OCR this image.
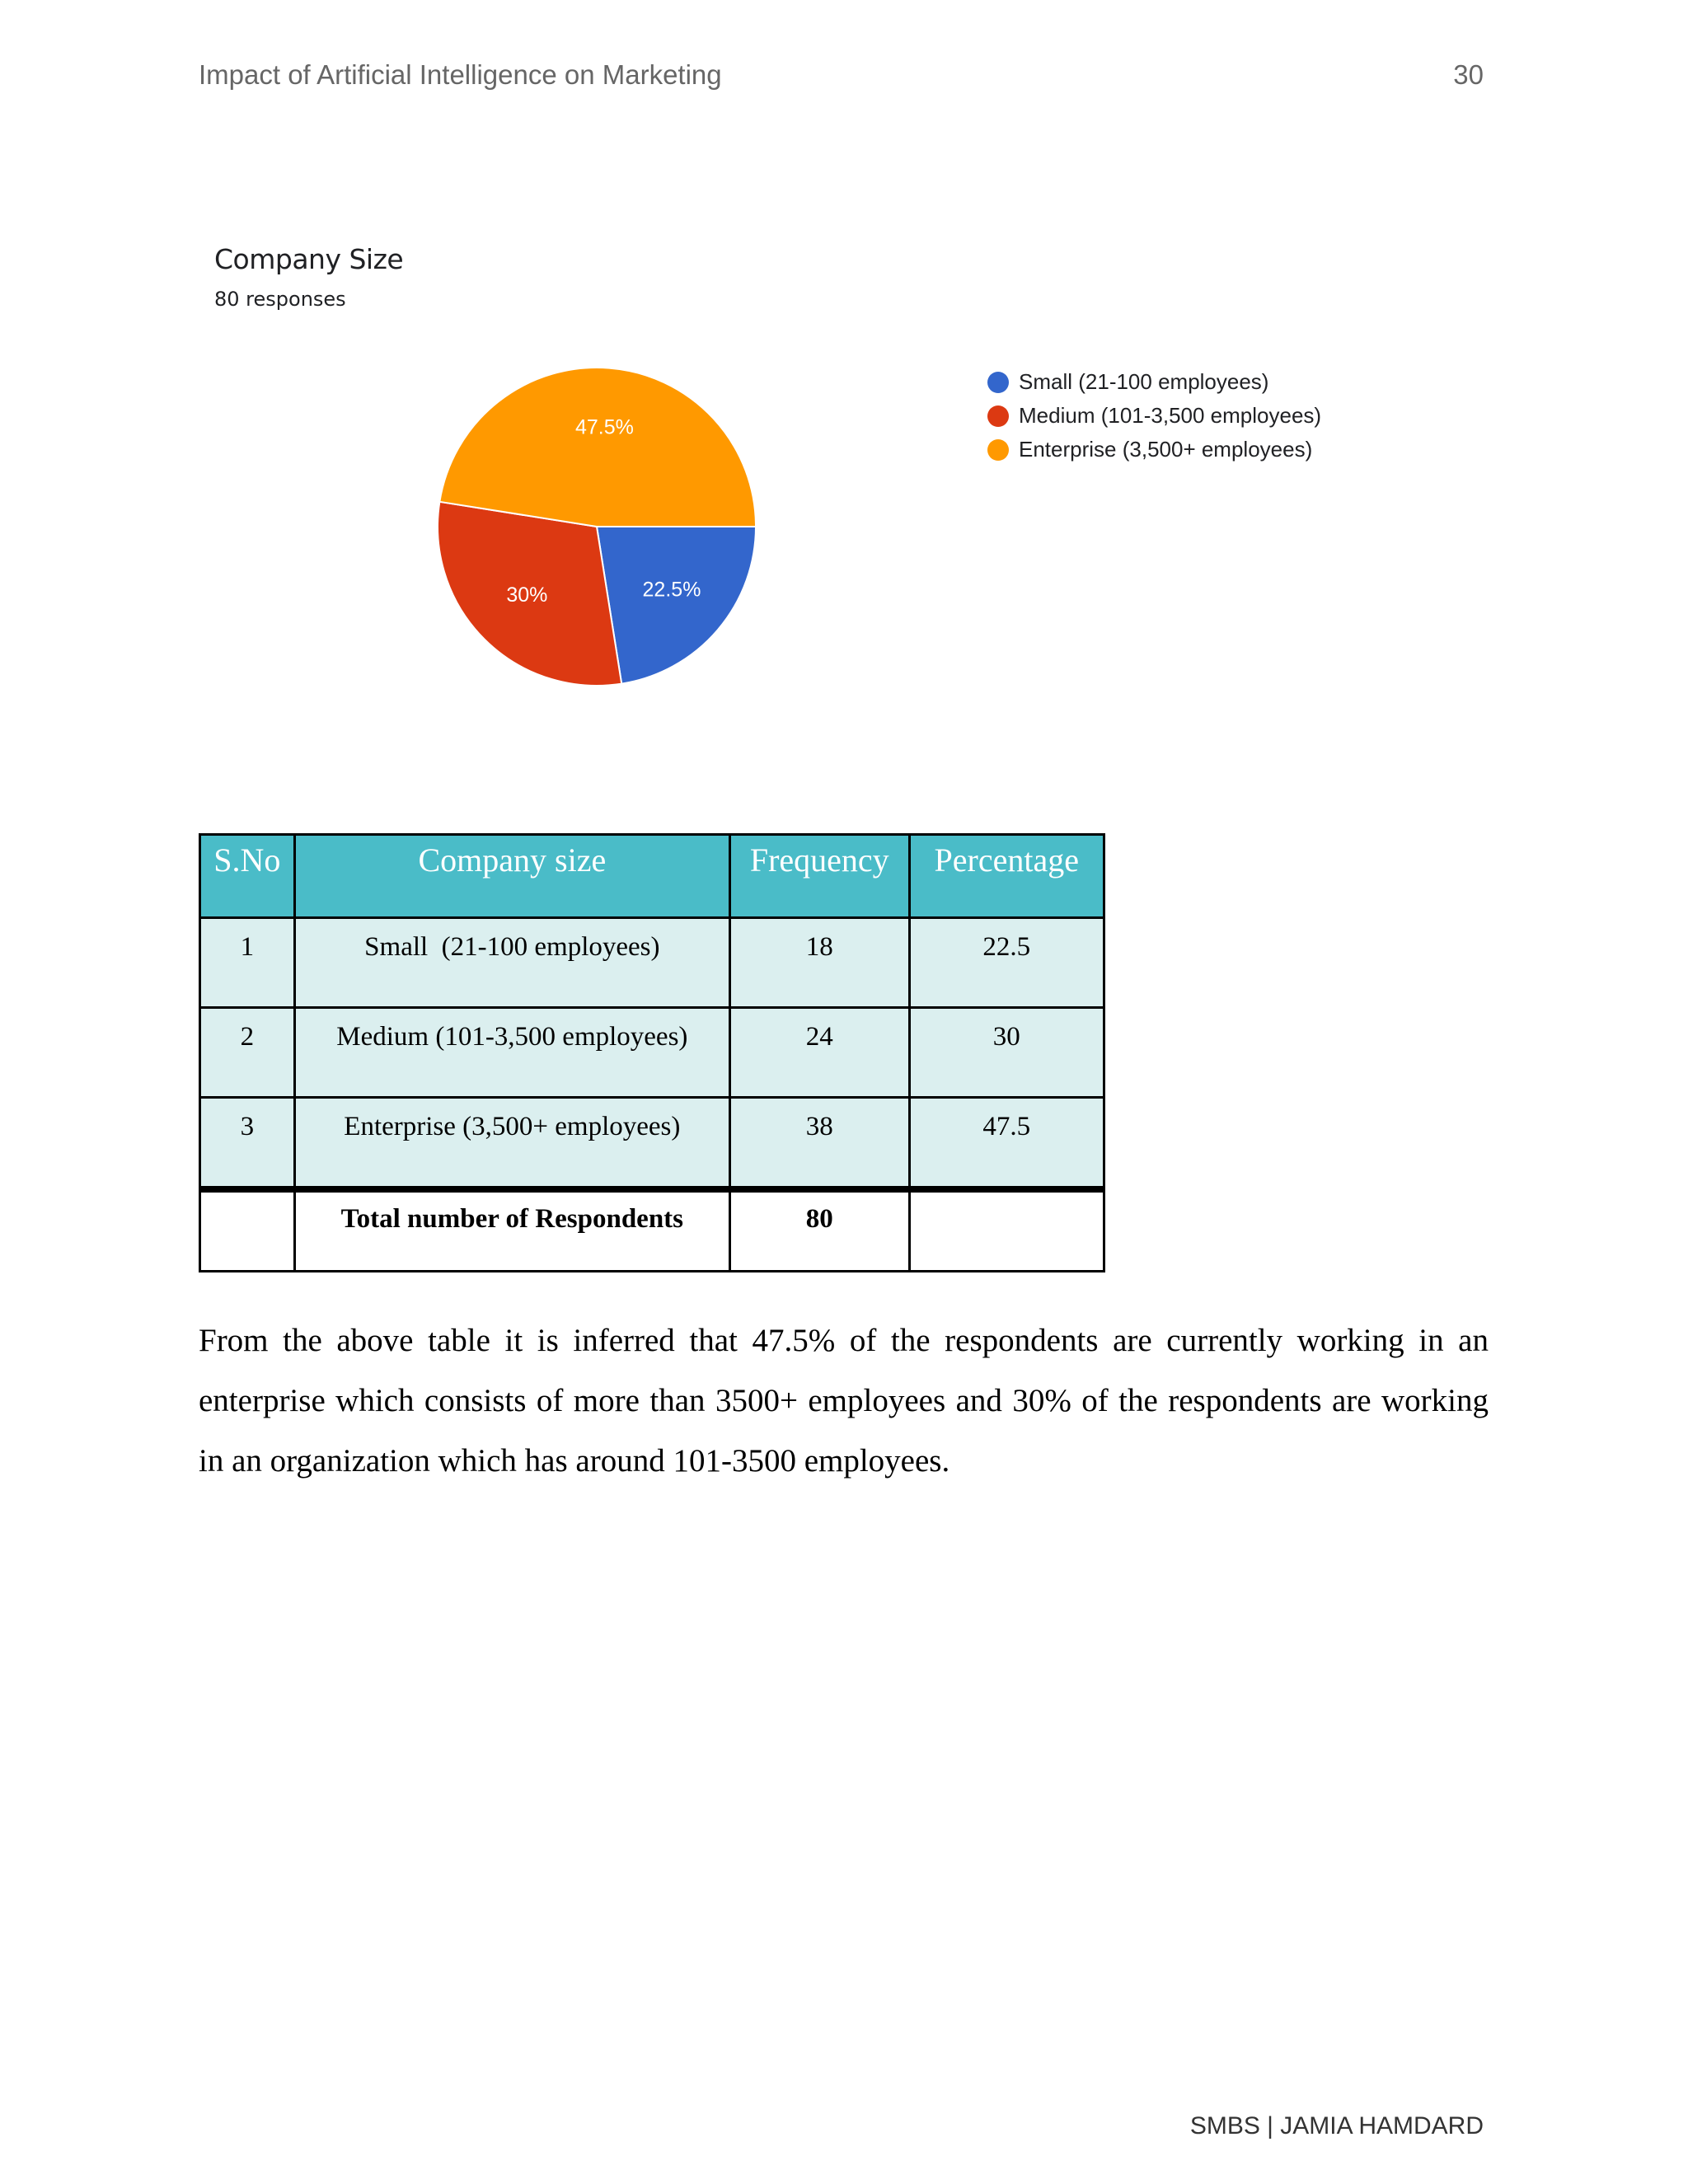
Impact of Artificial Intelligence on Marketing	30
22.5%
30%
47.5%
Company Size
80 responses
Small (21-100 employees)
Medium (101-3,500 employees)
Enterprise (3,500+ employees)
S.No	Company size	Frequency	Percentage
1	Small  (21-100 employees)	18	22.5
2	Medium (101-3,500 employees)	24	30
3	Enterprise (3,500+ employees)	38	47.5
	Total number of Respondents	80	

From the above table it is inferred that 47.5% of the respondents are currently working in an enterprise which consists of more than 3500+ employees and 30% of the respondents are working in an organization which has around 101-3500 employees.

SMBS | JAMIA HAMDARD
